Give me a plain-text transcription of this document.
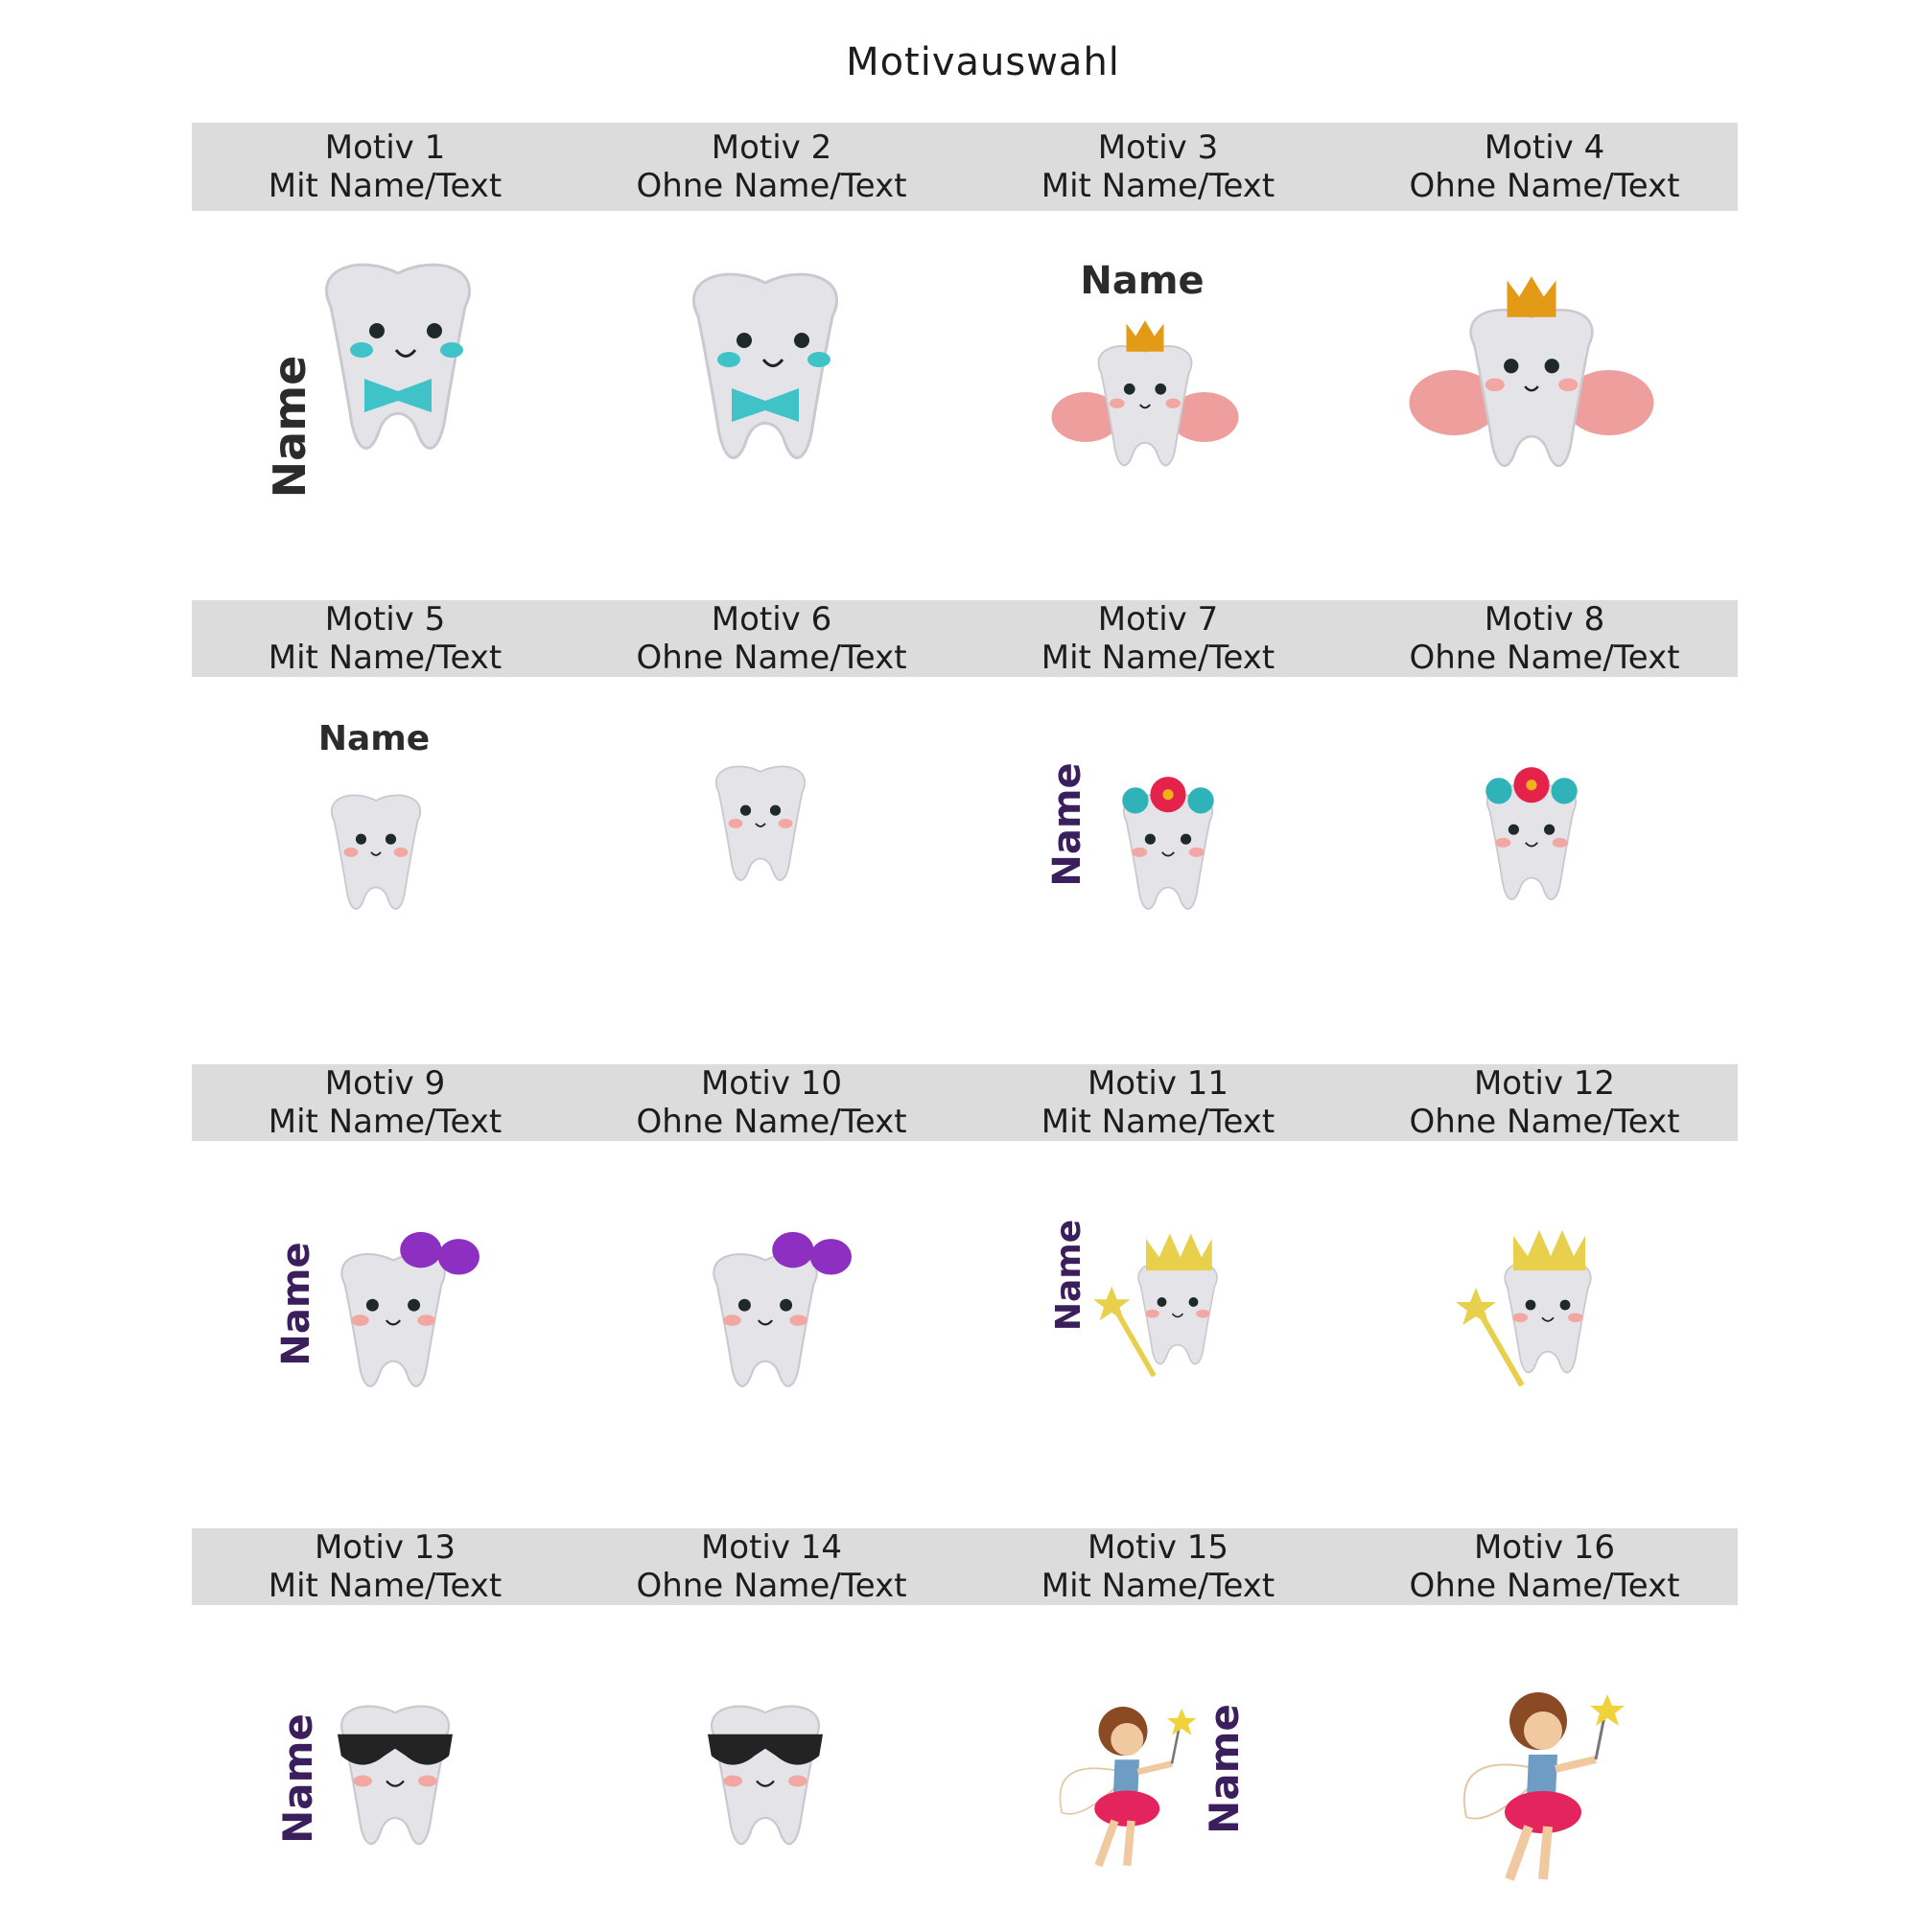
Motivauswahl
Motiv 1
Mit Name/Text
Motiv 2
Ohne Name/Text
Motiv 3
Mit Name/Text
Motiv 4
Ohne Name/Text
Motiv 5
Mit Name/Text
Motiv 6
Ohne Name/Text
Motiv 7
Mit Name/Text
Motiv 8
Ohne Name/Text
Motiv 9
Mit Name/Text
Motiv 10
Ohne Name/Text
Motiv 11
Mit Name/Text
Motiv 12
Ohne Name/Text
Motiv 13
Mit Name/Text
Motiv 14
Ohne Name/Text
Motiv 15
Mit Name/Text
Motiv 16
Ohne Name/Text
Name
Name
Name
Name
Name	Name
Name	Name
